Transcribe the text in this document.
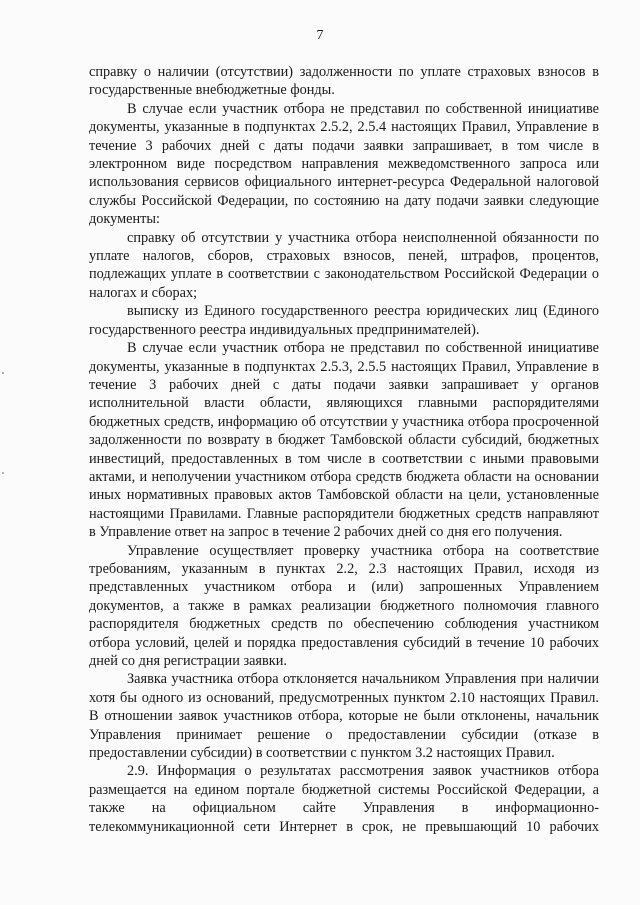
7

справку о наличии (отсутствии) задолженности по уплате страховых взносов в государственные внебюджетные фонды.

В случае если участник отбора не представил по собственной инициативе документы, указанные в подпунктах 2.5.2, 2.5.4 настоящих Правил, Управление в течение 3 рабочих дней с даты подачи заявки запрашивает, в том числе в электронном виде посредством направления межведомственного запроса или использования сервисов официального интернет-ресурса Федеральной налоговой службы Российской Федерации, по состоянию на дату подачи заявки следующие документы:

справку об отсутствии у участника отбора неисполненной обязанности по уплате налогов, сборов, страховых взносов, пеней, штрафов, процентов, подлежащих уплате в соответствии с законодательством Российской Федерации о налогах и сборах;

выписку из Единого государственного реестра юридических лиц (Единого государственного реестра индивидуальных предпринимателей).

В случае если участник отбора не представил по собственной инициативе документы, указанные в подпунктах 2.5.3, 2.5.5 настоящих Правил, Управление в течение 3 рабочих дней с даты подачи заявки запрашивает у органов исполнительной власти области, являющихся главными распорядителями бюджетных средств, информацию об отсутствии у участника отбора просроченной задолженности по возврату в бюджет Тамбовской области субсидий, бюджетных инвестиций, предоставленных в том числе в соответствии с иными правовыми актами, и неполучении участником отбора средств бюджета области на основании иных нормативных правовых актов Тамбовской области на цели, установленные настоящими Правилами. Главные распорядители бюджетных средств направляют в Управление ответ на запрос в течение 2 рабочих дней со дня его получения.

Управление осуществляет проверку участника отбора на соответствие требованиям, указанным в пунктах 2.2, 2.3 настоящих Правил, исходя из представленных участником отбора и (или) запрошенных Управлением документов, а также в рамках реализации бюджетного полномочия главного распорядителя бюджетных средств по обеспечению соблюдения участником отбора условий, целей и порядка предоставления субсидий в течение 10 рабочих дней со дня регистрации заявки.

Заявка участника отбора отклоняется начальником Управления при наличии хотя бы одного из оснований, предусмотренных пунктом 2.10 настоящих Правил. В отношении заявок участников отбора, которые не были отклонены, начальник Управления принимает решение о предоставлении субсидии (отказе в предоставлении субсидии) в соответствии с пунктом 3.2 настоящих Правил.

2.9. Информация о результатах рассмотрения заявок участников отбора размещается на едином портале бюджетной системы Российской Федерации, а также на официальном сайте Управления в информационно-телекоммуникационной сети Интернет в срок, не превышающий 10 рабочих
